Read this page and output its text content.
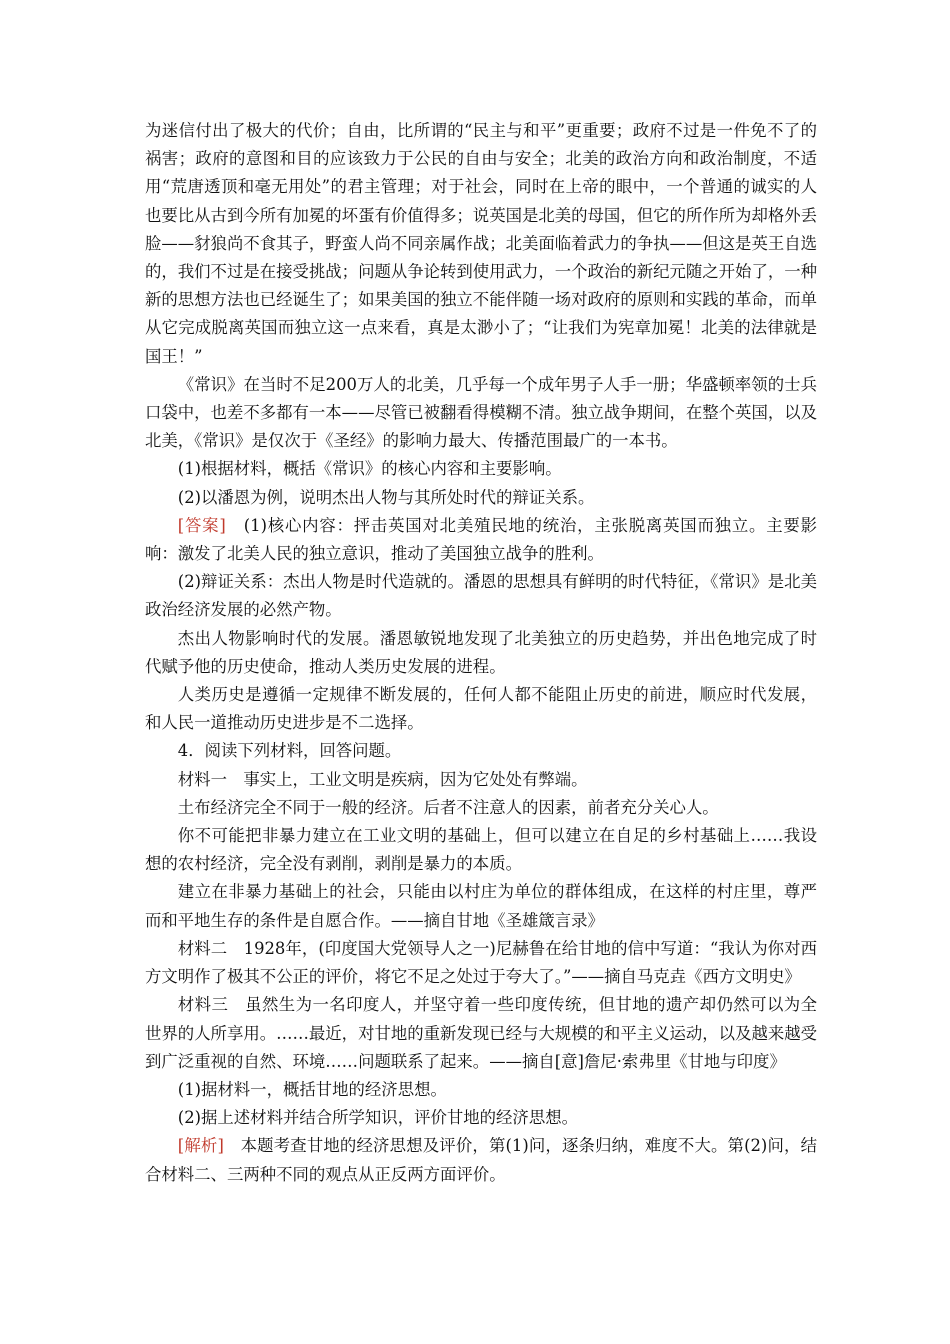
为迷信付出了极大的代价；自由，比所谓的“民主与和平”更重要；政府不过是一件免不了的祸害；政府的意图和目的应该致力于公民的自由与安全；北美的政治方向和政治制度，不适用“荒唐透顶和毫无用处”的君主管理；对于社会，同时在上帝的眼中，一个普通的诚实的人也要比从古到今所有加冕的坏蛋有价值得多；说英国是北美的母国，但它的所作所为却格外丢脸——豺狼尚不食其子，野蛮人尚不同亲属作战；北美面临着武力的争执——但这是英王自选的，我们不过是在接受挑战；问题从争论转到使用武力，一个政治的新纪元随之开始了，一种新的思想方法也已经诞生了；如果美国的独立不能伴随一场对政府的原则和实践的革命，而单从它完成脱离英国而独立这一点来看，真是太渺小了；“让我们为宪章加冕！北美的法律就是国王！”

《常识》在当时不足200万人的北美，几乎每一个成年男子人手一册；华盛顿率领的士兵口袋中，也差不多都有一本——尽管已被翻看得模糊不清。独立战争期间，在整个英国，以及北美，《常识》是仅次于《圣经》的影响力最大、传播范围最广的一本书。

(1)根据材料，概括《常识》的核心内容和主要影响。

(2)以潘恩为例，说明杰出人物与其所处时代的辩证关系。

[答案]　(1)核心内容：抨击英国对北美殖民地的统治，主张脱离英国而独立。主要影响：激发了北美人民的独立意识，推动了美国独立战争的胜利。

(2)辩证关系：杰出人物是时代造就的。潘恩的思想具有鲜明的时代特征，《常识》是北美政治经济发展的必然产物。

杰出人物影响时代的发展。潘恩敏锐地发现了北美独立的历史趋势，并出色地完成了时代赋予他的历史使命，推动人类历史发展的进程。

人类历史是遵循一定规律不断发展的，任何人都不能阻止历史的前进，顺应时代发展，和人民一道推动历史进步是不二选择。

4．阅读下列材料，回答问题。

材料一　事实上，工业文明是疾病，因为它处处有弊端。

土布经济完全不同于一般的经济。后者不注意人的因素，前者充分关心人。

你不可能把非暴力建立在工业文明的基础上，但可以建立在自足的乡村基础上……我设想的农村经济，完全没有剥削，剥削是暴力的本质。

建立在非暴力基础上的社会，只能由以村庄为单位的群体组成，在这样的村庄里，尊严而和平地生存的条件是自愿合作。——摘自甘地《圣雄箴言录》

材料二　1928年，(印度国大党领导人之一)尼赫鲁在给甘地的信中写道：“我认为你对西方文明作了极其不公正的评价，将它不足之处过于夸大了。”——摘自马克垚《西方文明史》

材料三　虽然生为一名印度人，并坚守着一些印度传统，但甘地的遗产却仍然可以为全世界的人所享用。……最近，对甘地的重新发现已经与大规模的和平主义运动，以及越来越受到广泛重视的自然、环境……问题联系了起来。——摘自[意]詹尼·索弗里《甘地与印度》

(1)据材料一，概括甘地的经济思想。

(2)据上述材料并结合所学知识，评价甘地的经济思想。

[解析]　本题考查甘地的经济思想及评价，第(1)问，逐条归纳，难度不大。第(2)问，结合材料二、三两种不同的观点从正反两方面评价。
